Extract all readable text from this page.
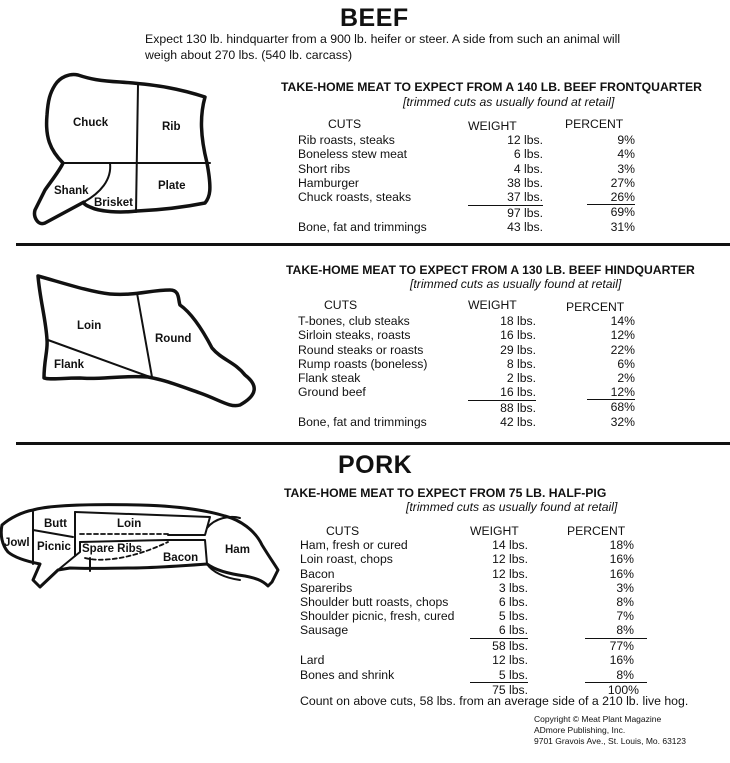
BEEF
Expect 130 lb. hindquarter from a 900 lb. heifer or steer. A side from such an animal will weigh about 270 lbs. (540 lb. carcass)
Chuck	Rib
Shank
Brisket
Plate
TAKE-HOME MEAT TO EXPECT FROM A 140 LB. BEEF FRONTQUARTER
[trimmed cuts as usually found at retail]
CUTS	WEIGHT	PERCENT
Rib roasts, steaks	12 lbs.	9%
Boneless stew meat	6 lbs.	4%
Short ribs	4 lbs.	3%
Hamburger	38 lbs.	27%
Chuck roasts, steaks	37 lbs.	26%
	97 lbs.	69%
Bone, fat and trimmings	43 lbs.	31%
Loin
Round
Flank
TAKE-HOME MEAT TO EXPECT FROM A 130 LB. BEEF HINDQUARTER
[trimmed cuts as usually found at retail]
CUTS	WEIGHT	PERCENT
T-bones, club steaks	18 lbs.	14%
Sirloin steaks, roasts	16 lbs.	12%
Round steaks or roasts	29 lbs.	22%
Rump roasts (boneless)	8 lbs.	6%
Flank steak	2 lbs.	2%
Ground beef	16 lbs.	12%
	88 lbs.	68%
Bone, fat and trimmings	42 lbs.	32%
PORK
Jowl
Butt
Picnic
Loin
Spare Ribs
Bacon
Ham
TAKE-HOME MEAT TO EXPECT FROM 75 LB. HALF-PIG
[trimmed cuts as usually found at retail]
CUTS	WEIGHT	PERCENT
Ham, fresh or cured	14 lbs.	18%
Loin roast, chops	12 lbs.	16%
Bacon	12 lbs.	16%
Spareribs	3 lbs.	3%
Shoulder butt roasts, chops	6 lbs.	8%
Shoulder picnic, fresh, cured	5 lbs.	7%
Sausage	6 lbs.	8%
	58 lbs.	77%
Lard	12 lbs.	16%
Bones and shrink	5 lbs.	8%
	75 lbs.	100%
Count on above cuts, 58 lbs. from an average side of a 210 lb. live hog.
Copyright © Meat Plant Magazine
ADmore Publishing, Inc.
9701 Gravois Ave., St. Louis, Mo. 63123
